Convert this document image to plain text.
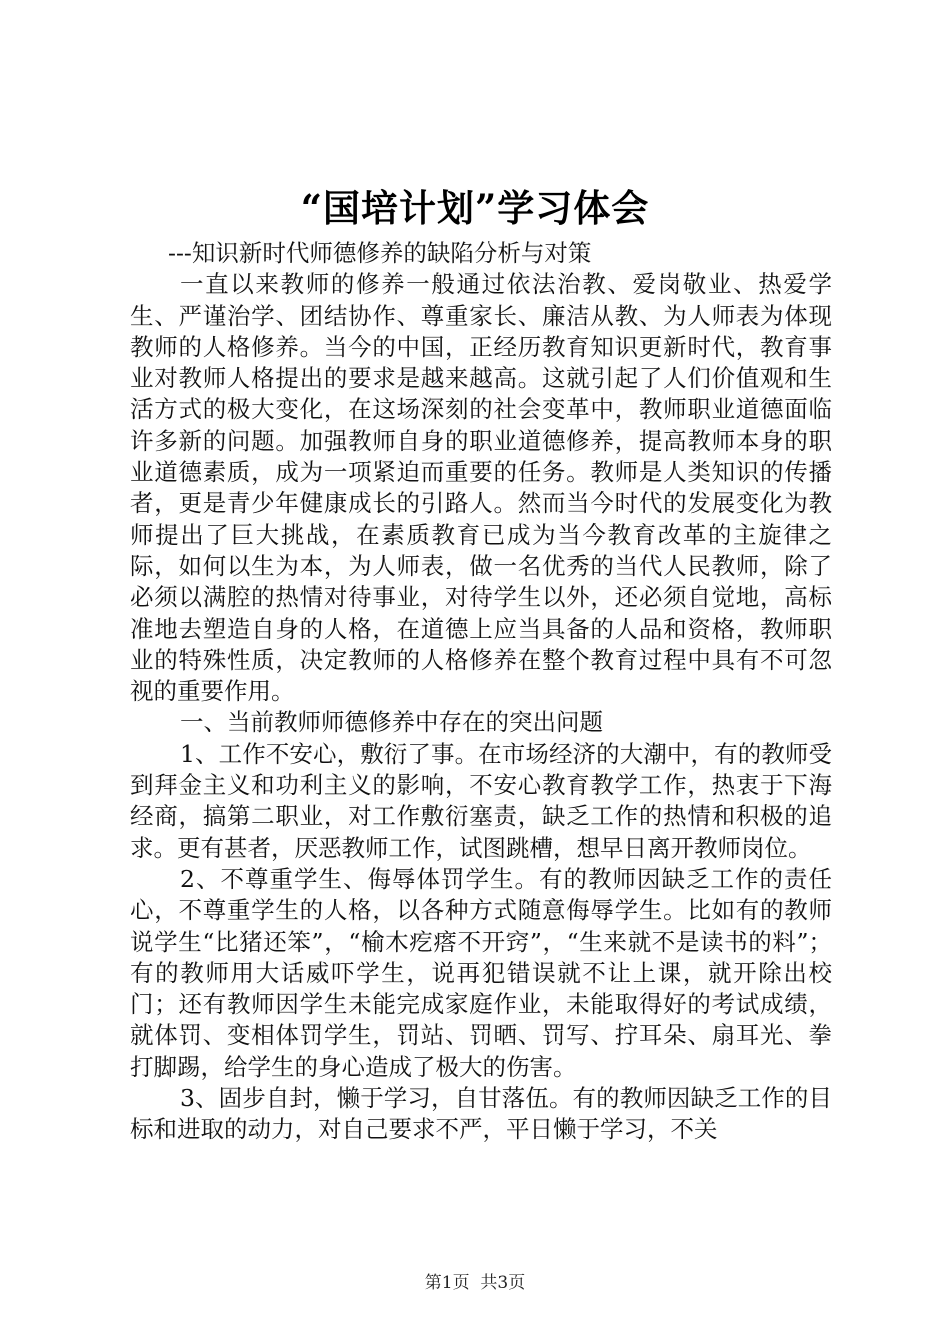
“国培计划”学习体会

---知识新时代师德修养的缺陷分析与对策

一直以来教师的修养一般通过依法治教、爱岗敬业、热爱学生、严谨治学、团结协作、尊重家长、廉洁从教、为人师表为体现教师的人格修养。当今的中国，正经历教育知识更新时代，教育事业对教师人格提出的要求是越来越高。这就引起了人们价值观和生活方式的极大变化，在这场深刻的社会变革中，教师职业道德面临许多新的问题。加强教师自身的职业道德修养，提高教师本身的职业道德素质，成为一项紧迫而重要的任务。教师是人类知识的传播者，更是青少年健康成长的引路人。然而当今时代的发展变化为教师提出了巨大挑战，在素质教育已成为当今教育改革的主旋律之际，如何以生为本，为人师表，做一名优秀的当代人民教师，除了必须以满腔的热情对待事业，对待学生以外，还必须自觉地，高标准地去塑造自身的人格，在道德上应当具备的人品和资格，教师职业的特殊性质，决定教师的人格修养在整个教育过程中具有不可忽视的重要作用。

一、当前教师师德修养中存在的突出问题

1、工作不安心，敷衍了事。在市场经济的大潮中，有的教师受到拜金主义和功利主义的影响，不安心教育教学工作，热衷于下海经商，搞第二职业，对工作敷衍塞责，缺乏工作的热情和积极的追求。更有甚者，厌恶教师工作，试图跳槽，想早日离开教师岗位。

2、不尊重学生、侮辱体罚学生。有的教师因缺乏工作的责任心，不尊重学生的人格，以各种方式随意侮辱学生。比如有的教师说学生“比猪还笨”，“榆木疙瘩不开窍”，“生来就不是读书的料”；有的教师用大话威吓学生，说再犯错误就不让上课，就开除出校门；还有教师因学生未能完成家庭作业，未能取得好的考试成绩，就体罚、变相体罚学生，罚站、罚晒、罚写、拧耳朵、扇耳光、拳打脚踢，给学生的身心造成了极大的伤害。

3、固步自封，懒于学习，自甘落伍。有的教师因缺乏工作的目标和进取的动力，对自己要求不严，平日懒于学习，不关

第1页  共3页
